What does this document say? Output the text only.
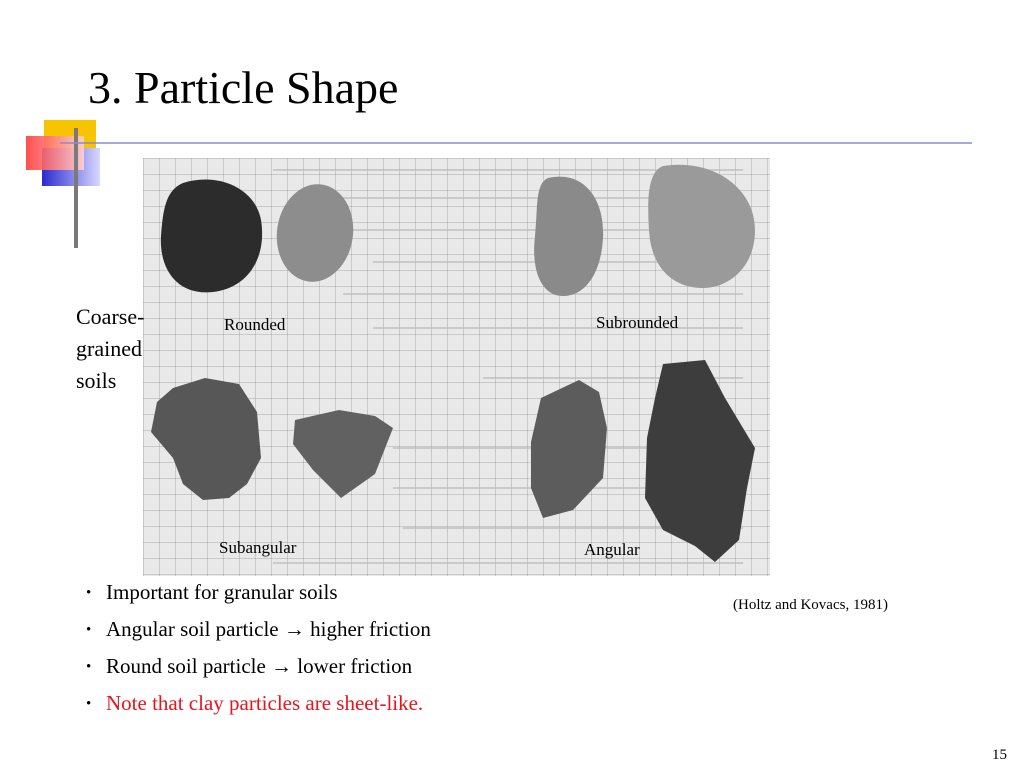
3. Particle Shape
Rounded	Subrounded
Subangular	Angular
Coarse-
grained
soils
• Important for granular soils
• Angular soil particle → higher friction
• Round soil particle → lower friction
• Note that clay particles are sheet-like.
(Holtz and Kovacs, 1981)
15
